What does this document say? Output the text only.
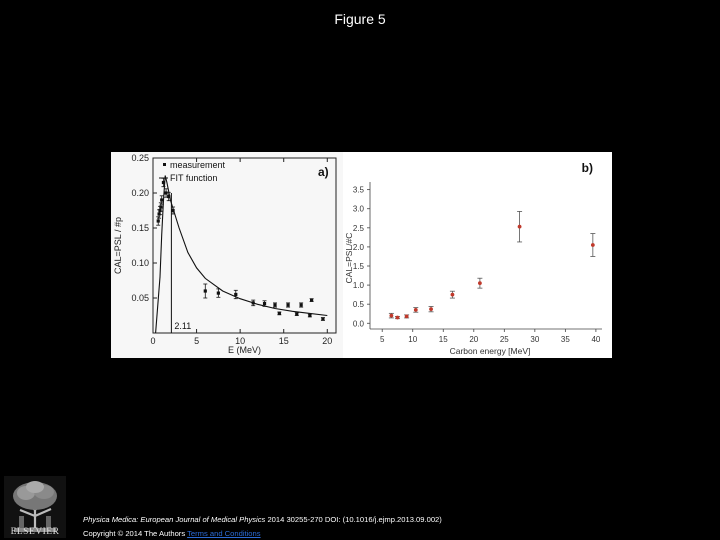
Figure 5
0	5	10	15	20
0.05
0.10
0.15
0.20
0.25
E (MeV)
CAL=PSL / #p
2.11
measurement
FIT function	a)
5	10	15	20	25	30	35	40
0.0
0.5
1.0
1.5
2.0
2.5
3.0
3.5
Carbon energy [MeV]
CAL=PSL/#C
b)
ELSEVIER
Physica Medica: European Journal of Medical Physics 2014 30255-270 DOI: (10.1016/j.ejmp.2013.09.002)
Copyright © 2014 The Authors Terms and Conditions
